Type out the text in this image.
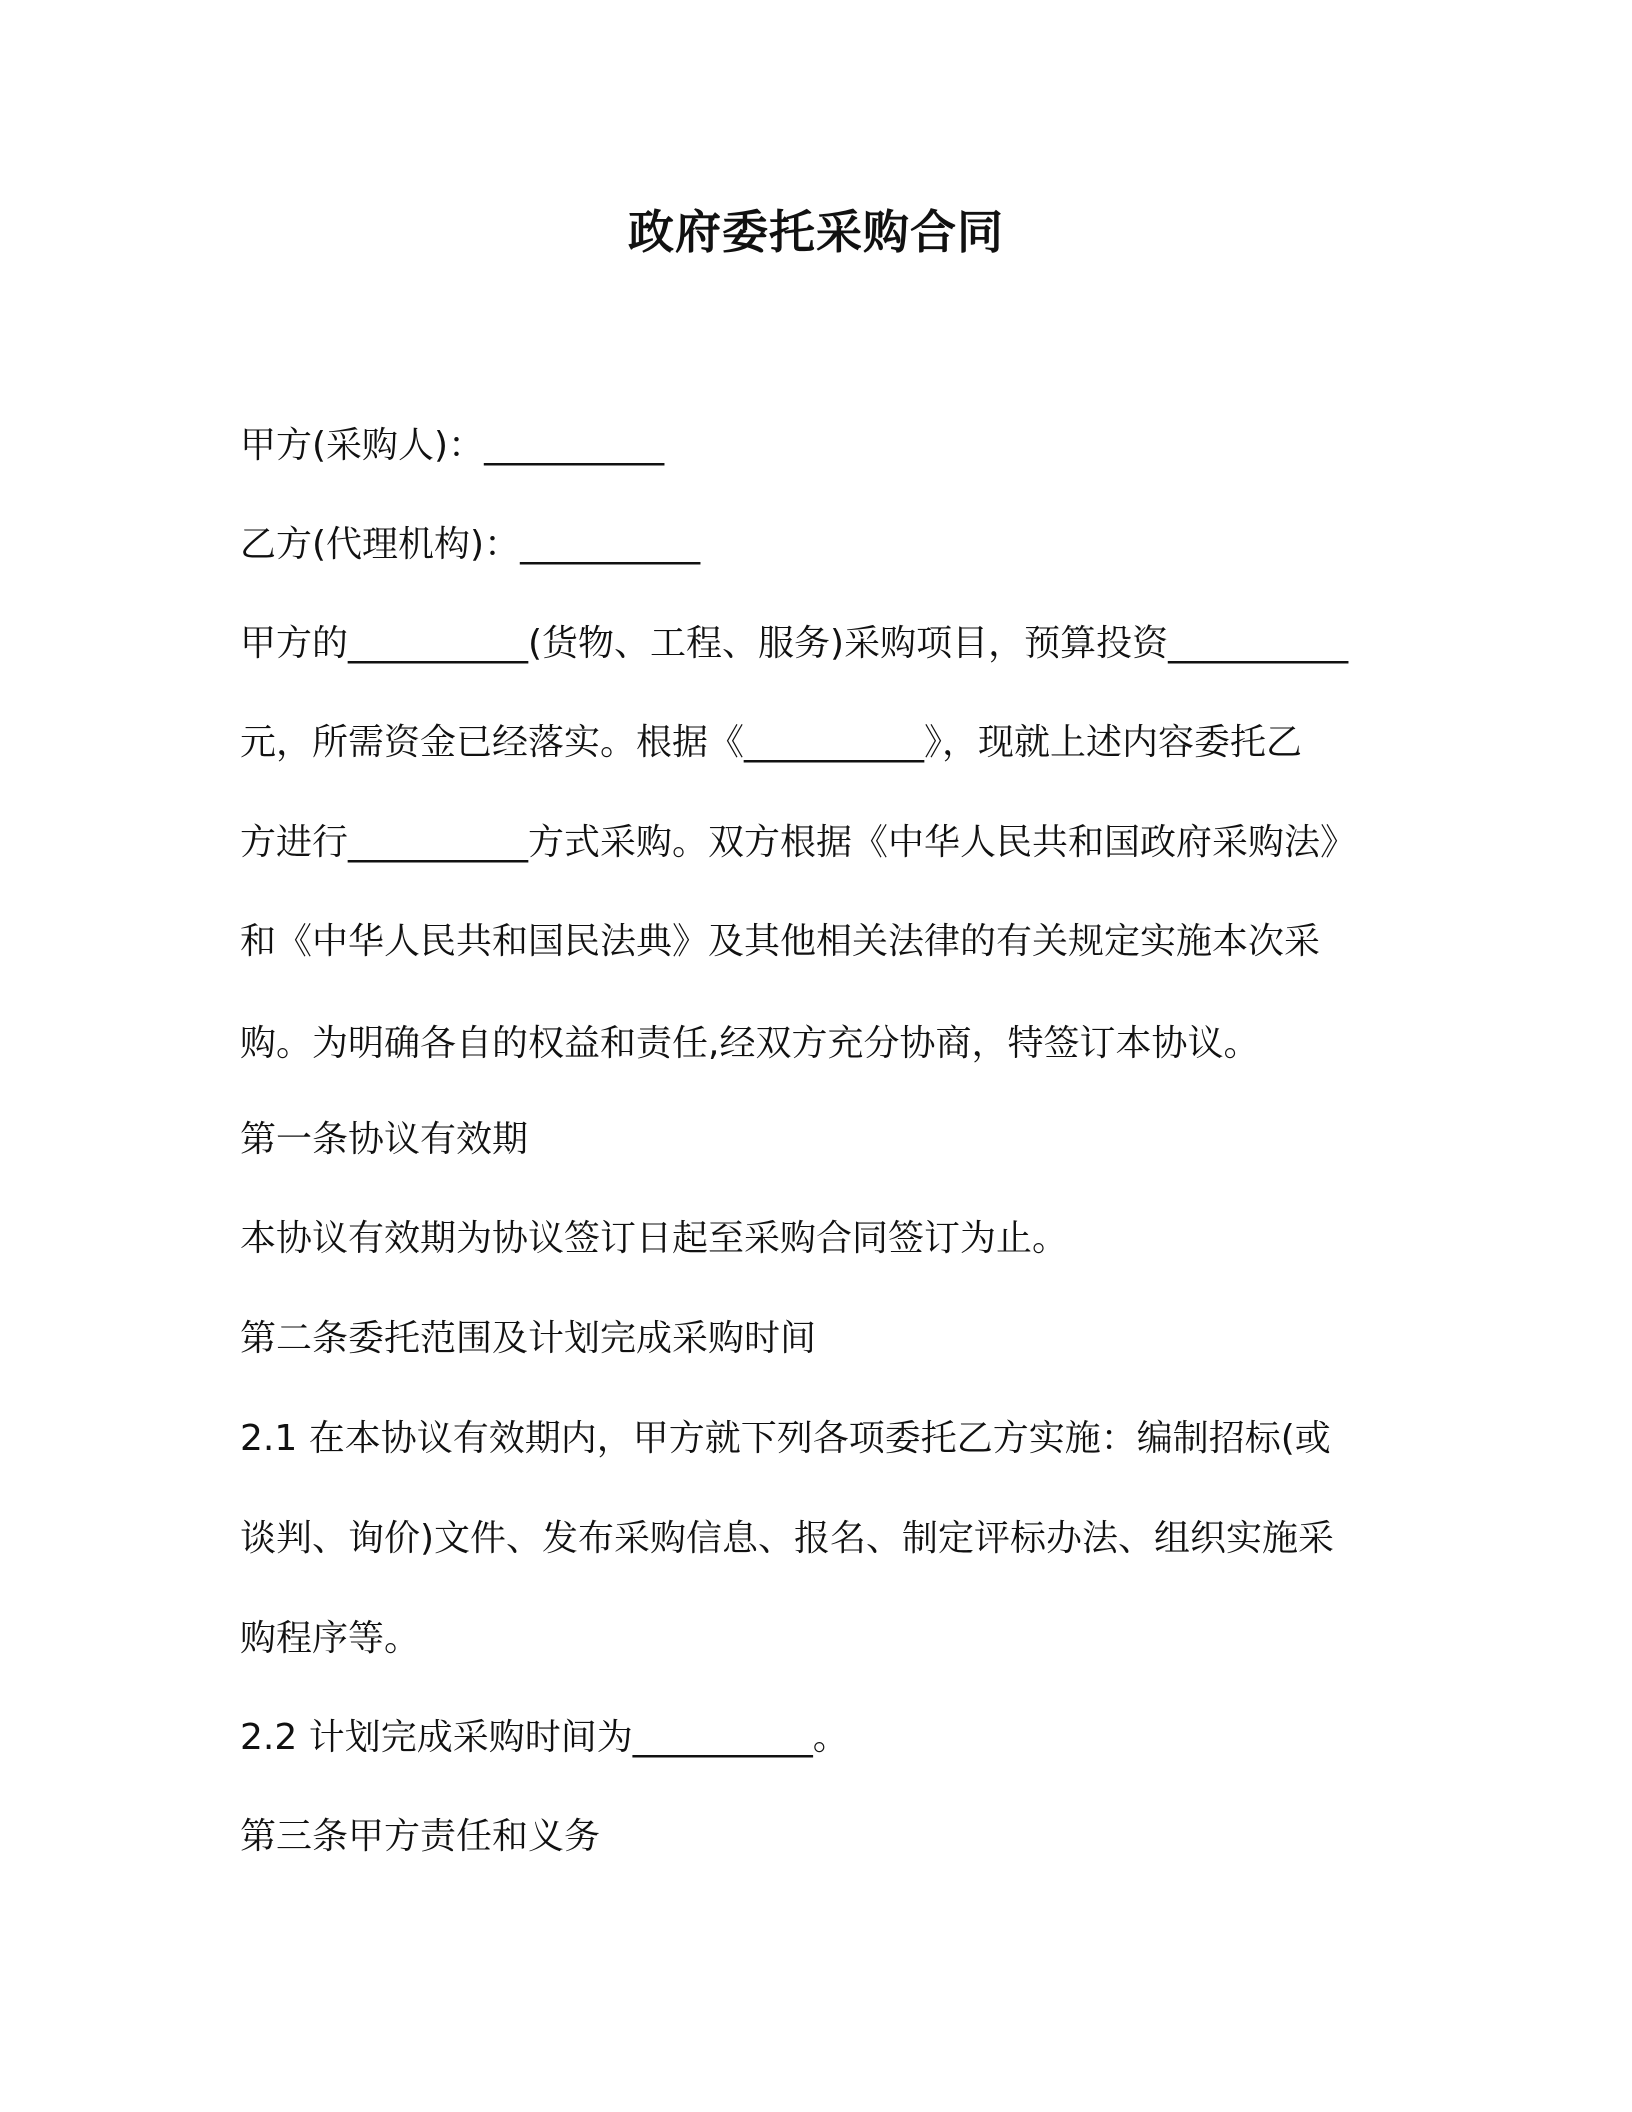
政府委托采购合同
甲方(采购人)：__________
乙方(代理机构)：__________
甲方的__________(货物、工程、服务)采购项目，预算投资__________
元，所需资金已经落实。根据《__________》，现就上述内容委托乙
方进行__________方式采购。双方根据《中华人民共和国政府采购法》
和《中华人民共和国民法典》及其他相关法律的有关规定实施本次采
购。为明确各自的权益和责任,经双方充分协商，特签订本协议。
第一条协议有效期
本协议有效期为协议签订日起至采购合同签订为止。
第二条委托范围及计划完成采购时间
2.1 在本协议有效期内，甲方就下列各项委托乙方实施：编制招标(或
谈判、询价)文件、发布采购信息、报名、制定评标办法、组织实施采
购程序等。
2.2 计划完成采购时间为__________。
第三条甲方责任和义务
